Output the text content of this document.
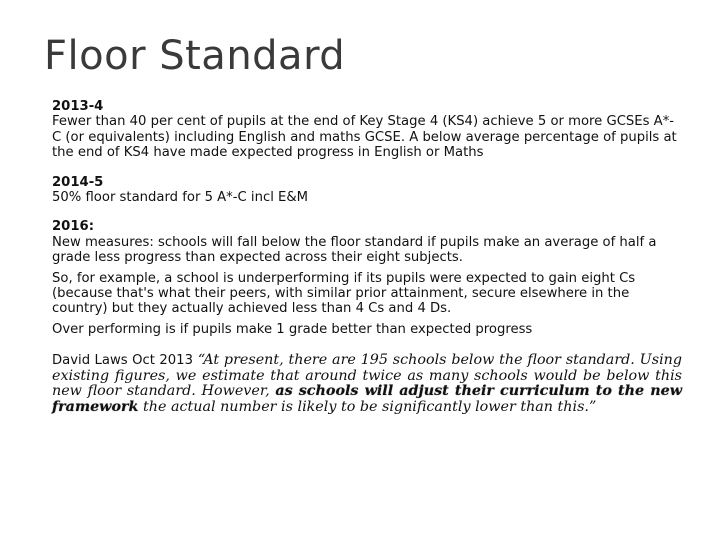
Floor Standard

2013-4

Fewer than 40 per cent of pupils at the end of Key Stage 4 (KS4) achieve 5 or more GCSEs A*-C (or equivalents) including English and maths GCSE. A below average percentage of pupils at the end of KS4 have made expected progress in English or Maths

2014-5

50% floor standard for 5 A*-C incl E&M

2016:

New measures: schools will fall below the floor standard if pupils make an average of half a grade less progress than expected across their eight subjects.

So, for example, a school is underperforming if its pupils were expected to gain eight Cs (because that's what their peers, with similar prior attainment, secure elsewhere in the country) but they actually achieved less than 4 Cs and 4 Ds.

Over performing is if pupils make 1 grade better than expected progress

David Laws Oct 2013 “At present, there are 195 schools below the floor standard. Using existing figures, we estimate that around twice as many schools would be below this new floor standard. However, as schools will adjust their curriculum to the new framework the actual number is likely to be significantly lower than this.”
